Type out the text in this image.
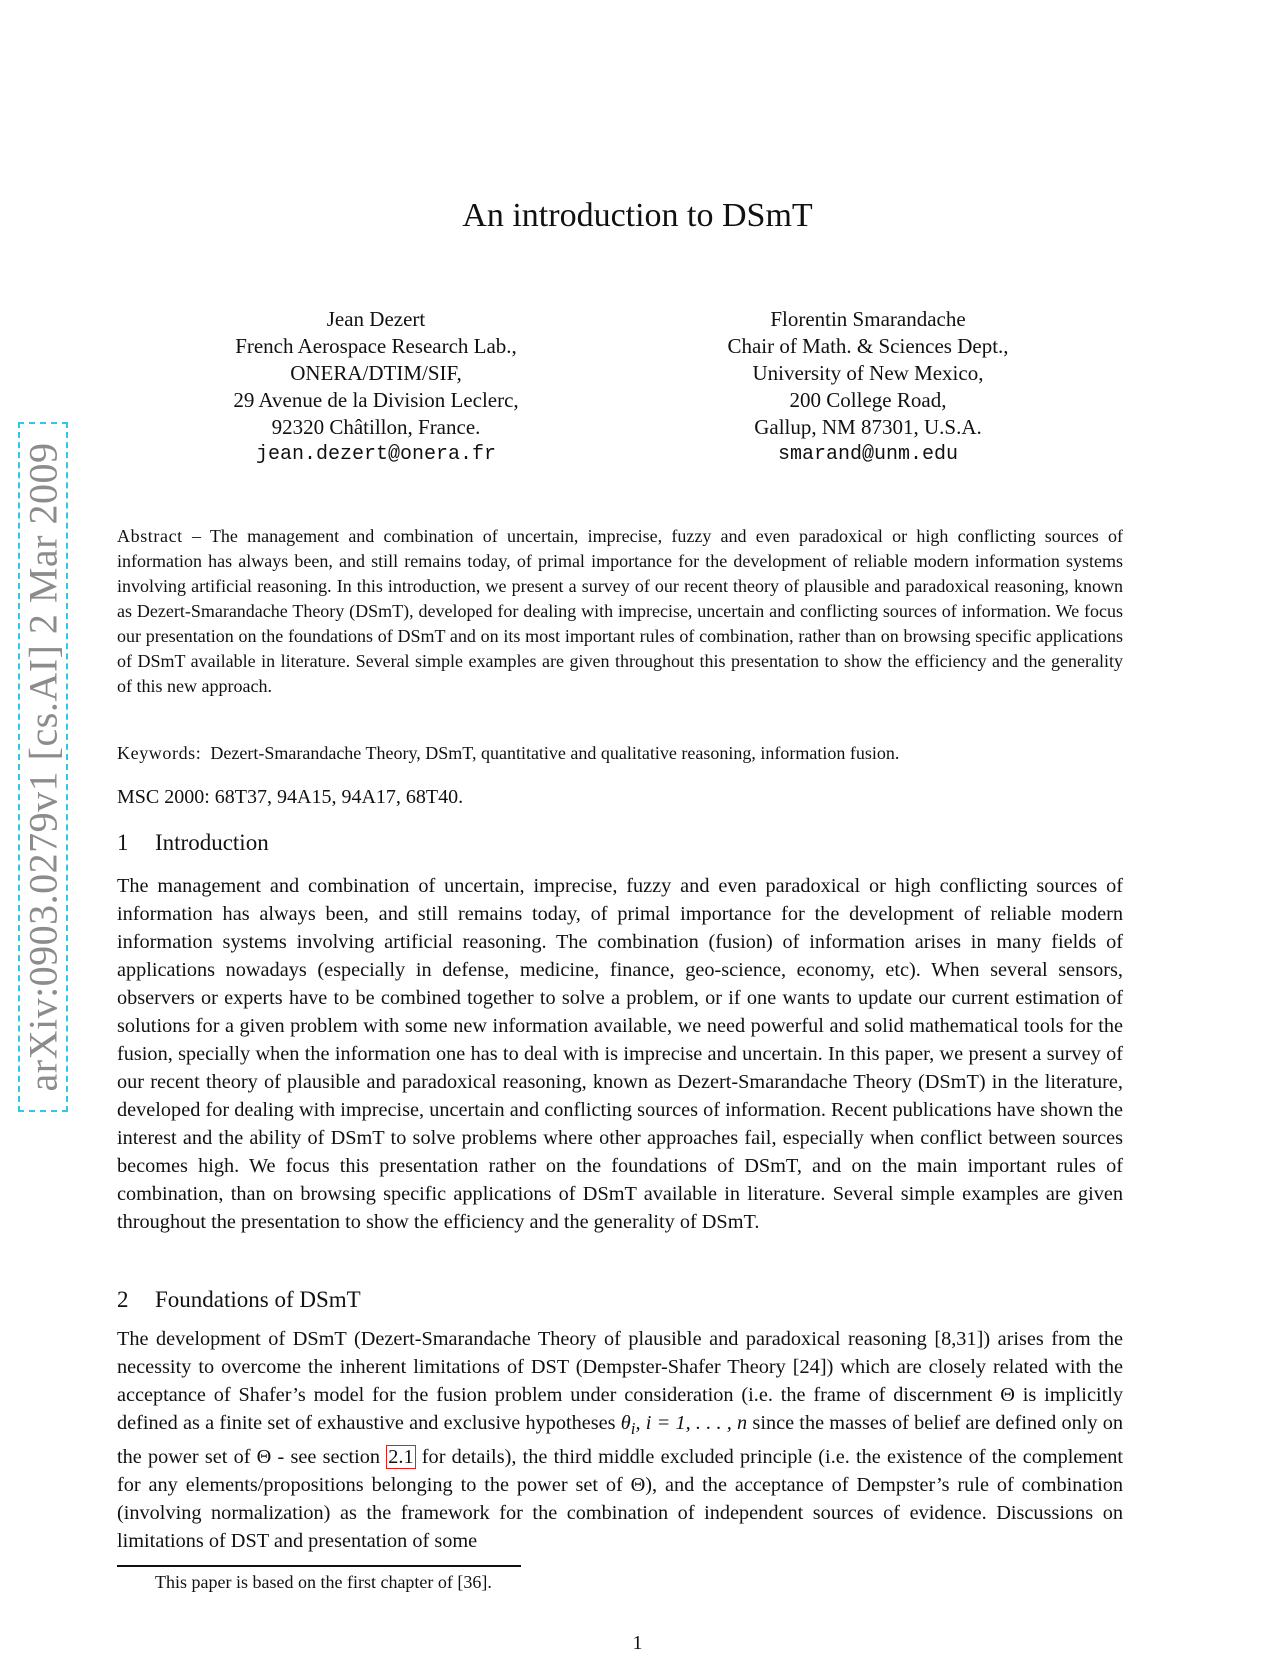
arXiv:0903.0279v1 [cs.AI] 2 Mar 2009
An introduction to DSmT
Jean Dezert
French Aerospace Research Lab.,
ONERA/DTIM/SIF,
29 Avenue de la Division Leclerc,
92320 Châtillon, France.
jean.dezert@onera.fr
Florentin Smarandache
Chair of Math. & Sciences Dept.,
University of New Mexico,
200 College Road,
Gallup, NM 87301, U.S.A.
smarand@unm.edu

Abstract – The management and combination of uncertain, imprecise, fuzzy and even paradoxical or high conflicting sources of information has always been, and still remains today, of primal importance for the development of reliable modern information systems involving artificial reasoning. In this introduction, we present a survey of our recent theory of plausible and paradoxical reasoning, known as Dezert-Smarandache Theory (DSmT), developed for dealing with imprecise, uncertain and conflicting sources of information. We focus our presentation on the foundations of DSmT and on its most important rules of combination, rather than on browsing specific applications of DSmT available in literature. Several simple examples are given throughout this presentation to show the efficiency and the generality of this new approach.

Keywords: Dezert-Smarandache Theory, DSmT, quantitative and qualitative reasoning, information fusion.

MSC 2000: 68T37, 94A15, 94A17, 68T40.

1 Introduction

The management and combination of uncertain, imprecise, fuzzy and even paradoxical or high conflicting sources of information has always been, and still remains today, of primal importance for the development of reliable modern information systems involving artificial reasoning. The combination (fusion) of information arises in many fields of applications nowadays (especially in defense, medicine, finance, geo-science, economy, etc). When several sensors, observers or experts have to be combined together to solve a problem, or if one wants to update our current estimation of solutions for a given problem with some new information available, we need powerful and solid mathematical tools for the fusion, specially when the information one has to deal with is imprecise and uncertain. In this paper, we present a survey of our recent theory of plausible and paradoxical reasoning, known as Dezert-Smarandache Theory (DSmT) in the literature, developed for dealing with imprecise, uncertain and conflicting sources of information. Recent publications have shown the interest and the ability of DSmT to solve problems where other approaches fail, especially when conflict between sources becomes high. We focus this presentation rather on the foundations of DSmT, and on the main important rules of combination, than on browsing specific applications of DSmT available in literature. Several simple examples are given throughout the presentation to show the efficiency and the generality of DSmT.

2 Foundations of DSmT

The development of DSmT (Dezert-Smarandache Theory of plausible and paradoxical reasoning [8,31]) arises from the necessity to overcome the inherent limitations of DST (Dempster-Shafer Theory [24]) which are closely related with the acceptance of Shafer’s model for the fusion problem under consideration (i.e. the frame of discernment Θ is implicitly defined as a finite set of exhaustive and exclusive hypotheses $\theta_i$, i = 1, . . . , n since the masses of belief are defined only on the power set of Θ - see section 2.1 for details), the third middle excluded principle (i.e. the existence of the complement for any elements/propositions belonging to the power set of Θ), and the acceptance of Dempster’s rule of combination (involving normalization) as the framework for the combination of independent sources of evidence. Discussions on limitations of DST and presentation of some

This paper is based on the first chapter of [36].

1
